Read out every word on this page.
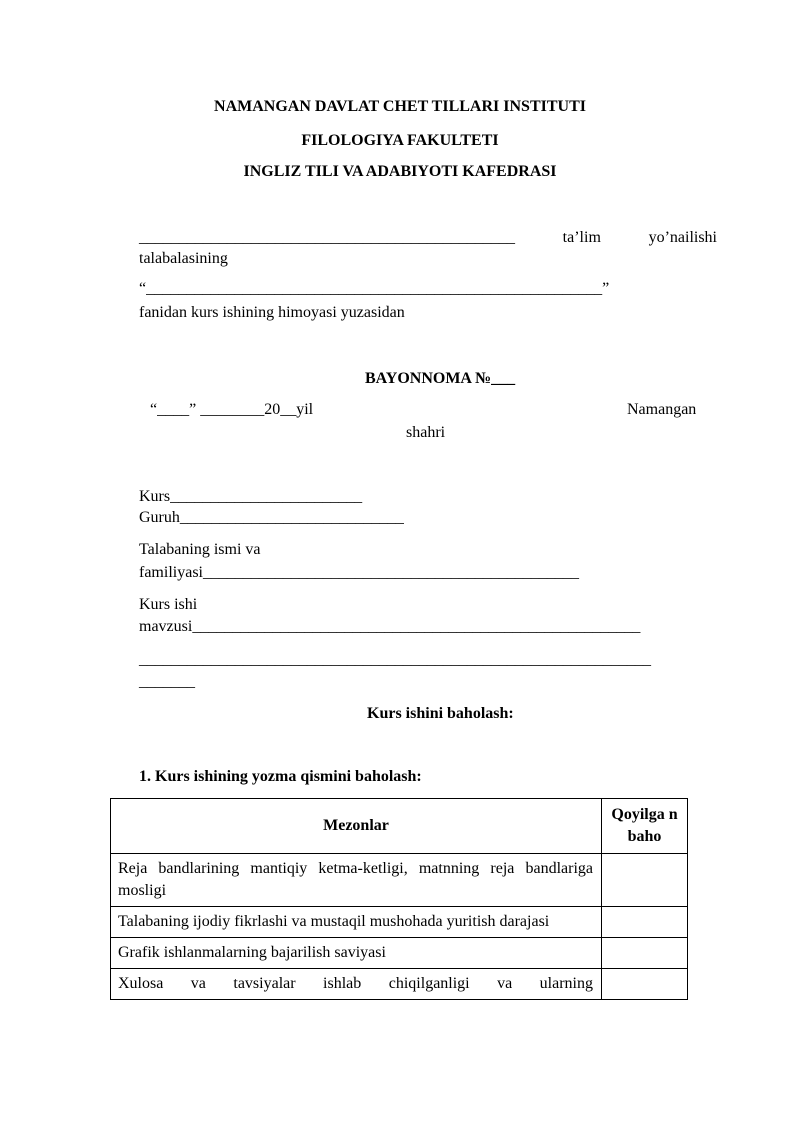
NAMANGAN DAVLAT CHET TILLARI INSTITUTI
FILOLOGIYA FAKULTETI
INGLIZ TILI VA ADABIYOTI KAFEDRASI
_______________________________________________	ta’lim	yo’nailishi
talabalasining
“_________________________________________________________”
fanidan kurs ishining himoyasi yuzasidan
BAYONNOMA №___
“____” ________20__yil	Namangan
shahri
Kurs________________________
Guruh____________________________
Talabaning ismi va
familiyasi_______________________________________________
Kurs ishi
mavzusi________________________________________________________
________________________________________________________________
_______
Kurs ishini baholash:
1. Kurs ishining yozma qismini baholash:
Mezonlar	Qoyilga n baho

Reja bandlarining mantiqiy ketma-ketligi, matnning reja bandlariga mosligi	

Talabaning ijodiy fikrlashi va mustaqil mushohada yuritish darajasi	

Grafik ishlanmalarning bajarilish saviyasi	

Xulosa va tavsiyalar ishlab chiqilganligi va ularning	
